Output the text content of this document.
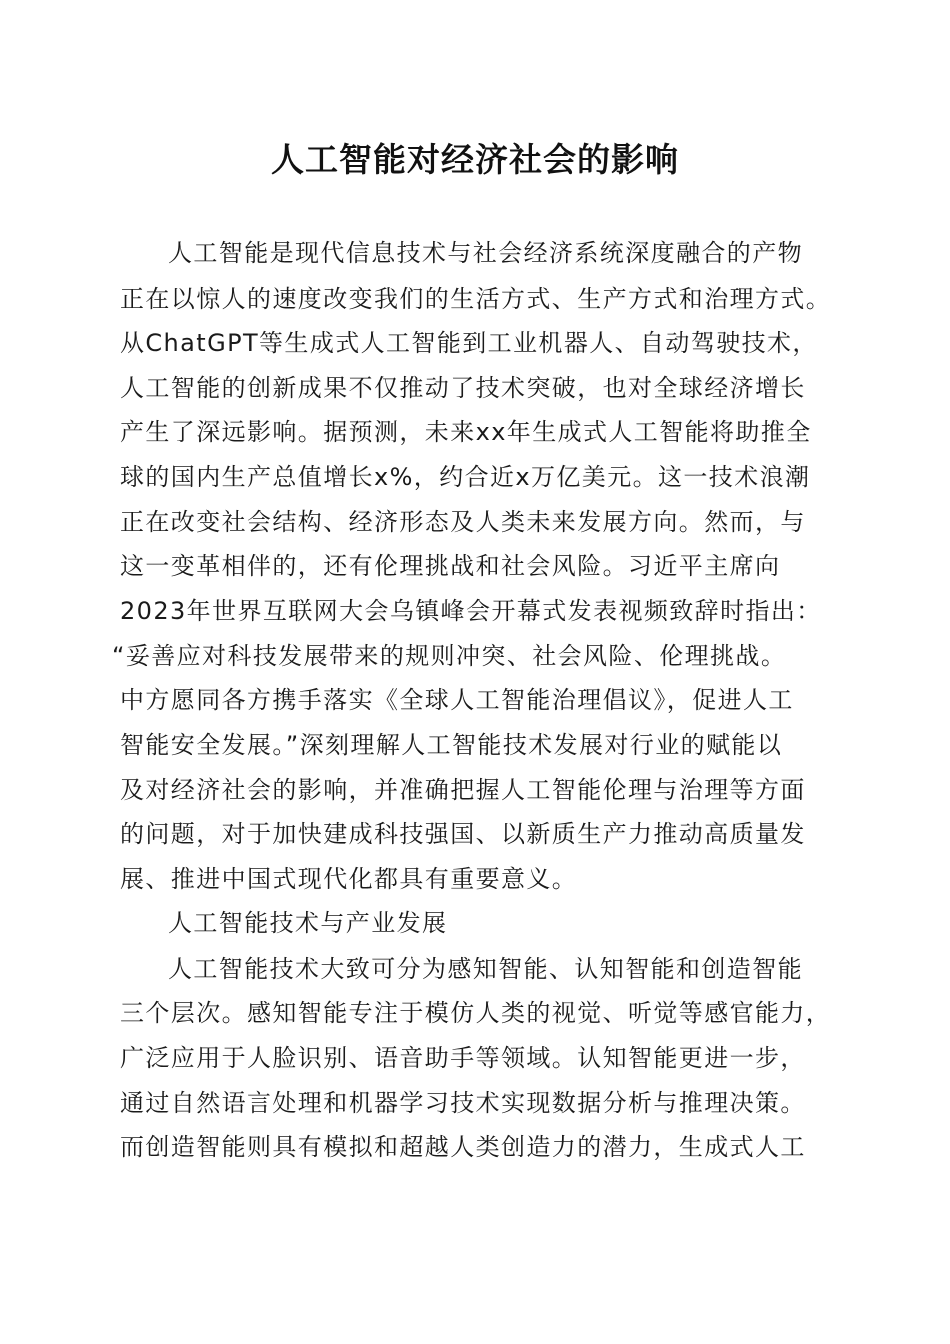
人工智能对经济社会的影响
人工智能是现代信息技术与社会经济系统深度融合的产物
正在以惊人的速度改变我们的生活方式、生产方式和治理方式。
从ChatGPT等生成式人工智能到工业机器人、自动驾驶技术，
人工智能的创新成果不仅推动了技术突破，也对全球经济增长
产生了深远影响。据预测，未来xx年生成式人工智能将助推全
球的国内生产总值增长x%，约合近x万亿美元。这一技术浪潮
正在改变社会结构、经济形态及人类未来发展方向。然而，与
这一变革相伴的，还有伦理挑战和社会风险。习近平主席向
2023年世界互联网大会乌镇峰会开幕式发表视频致辞时指出：
“妥善应对科技发展带来的规则冲突、社会风险、伦理挑战。
中方愿同各方携手落实《全球人工智能治理倡议》，促进人工
智能安全发展。”深刻理解人工智能技术发展对行业的赋能以
及对经济社会的影响，并准确把握人工智能伦理与治理等方面
的问题，对于加快建成科技强国、以新质生产力推动高质量发
展、推进中国式现代化都具有重要意义。
人工智能技术与产业发展
人工智能技术大致可分为感知智能、认知智能和创造智能
三个层次。感知智能专注于模仿人类的视觉、听觉等感官能力，
广泛应用于人脸识别、语音助手等领域。认知智能更进一步，
通过自然语言处理和机器学习技术实现数据分析与推理决策。
而创造智能则具有模拟和超越人类创造力的潜力，生成式人工
